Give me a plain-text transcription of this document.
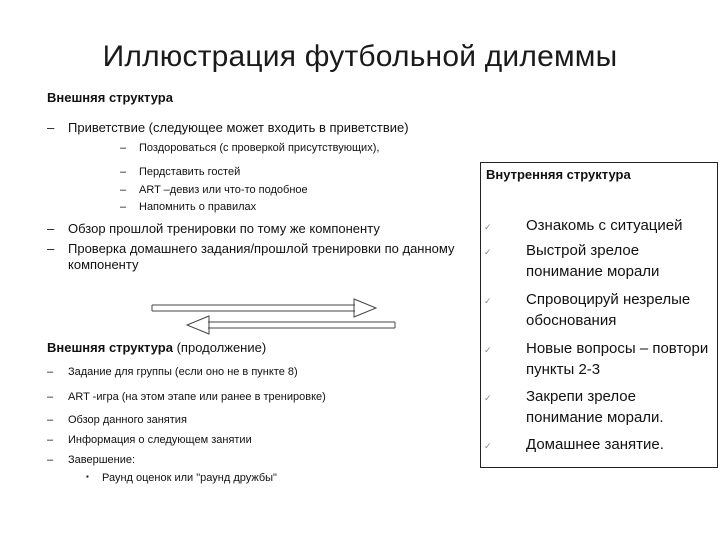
Иллюстрация футбольной дилеммы
Внешняя структура
– Приветствие (следующее может входить в приветствие)
– Поздороваться (с проверкой присутствующих),
– Пердставить гостей
– ART –девиз или что-то подобное
– Напомнить о правилах
– Обзор прошлой тренировки по тому же компоненту
– Проверка домашнего задания/прошлой тренировки по данному
компоненту
Внешняя структура (продолжение)
– Задание для группы (если оно не в пункте 8)
– ART -игра (на этом этапе или ранее в тренировке)
– Обзор данного занятия
– Информация о следующем занятии
– Завершение:
▪ Раунд оценок или "раунд дружбы"
Внутренняя структура
✓ Ознакомь с ситуацией
✓ Выстрой зрелое понимание морали
✓ Спровоцируй незрелые обоснования
✓ Новые вопросы – повтори пункты 2-3
✓ Закрепи зрелое понимание морали.
✓ Домашнее занятие.
